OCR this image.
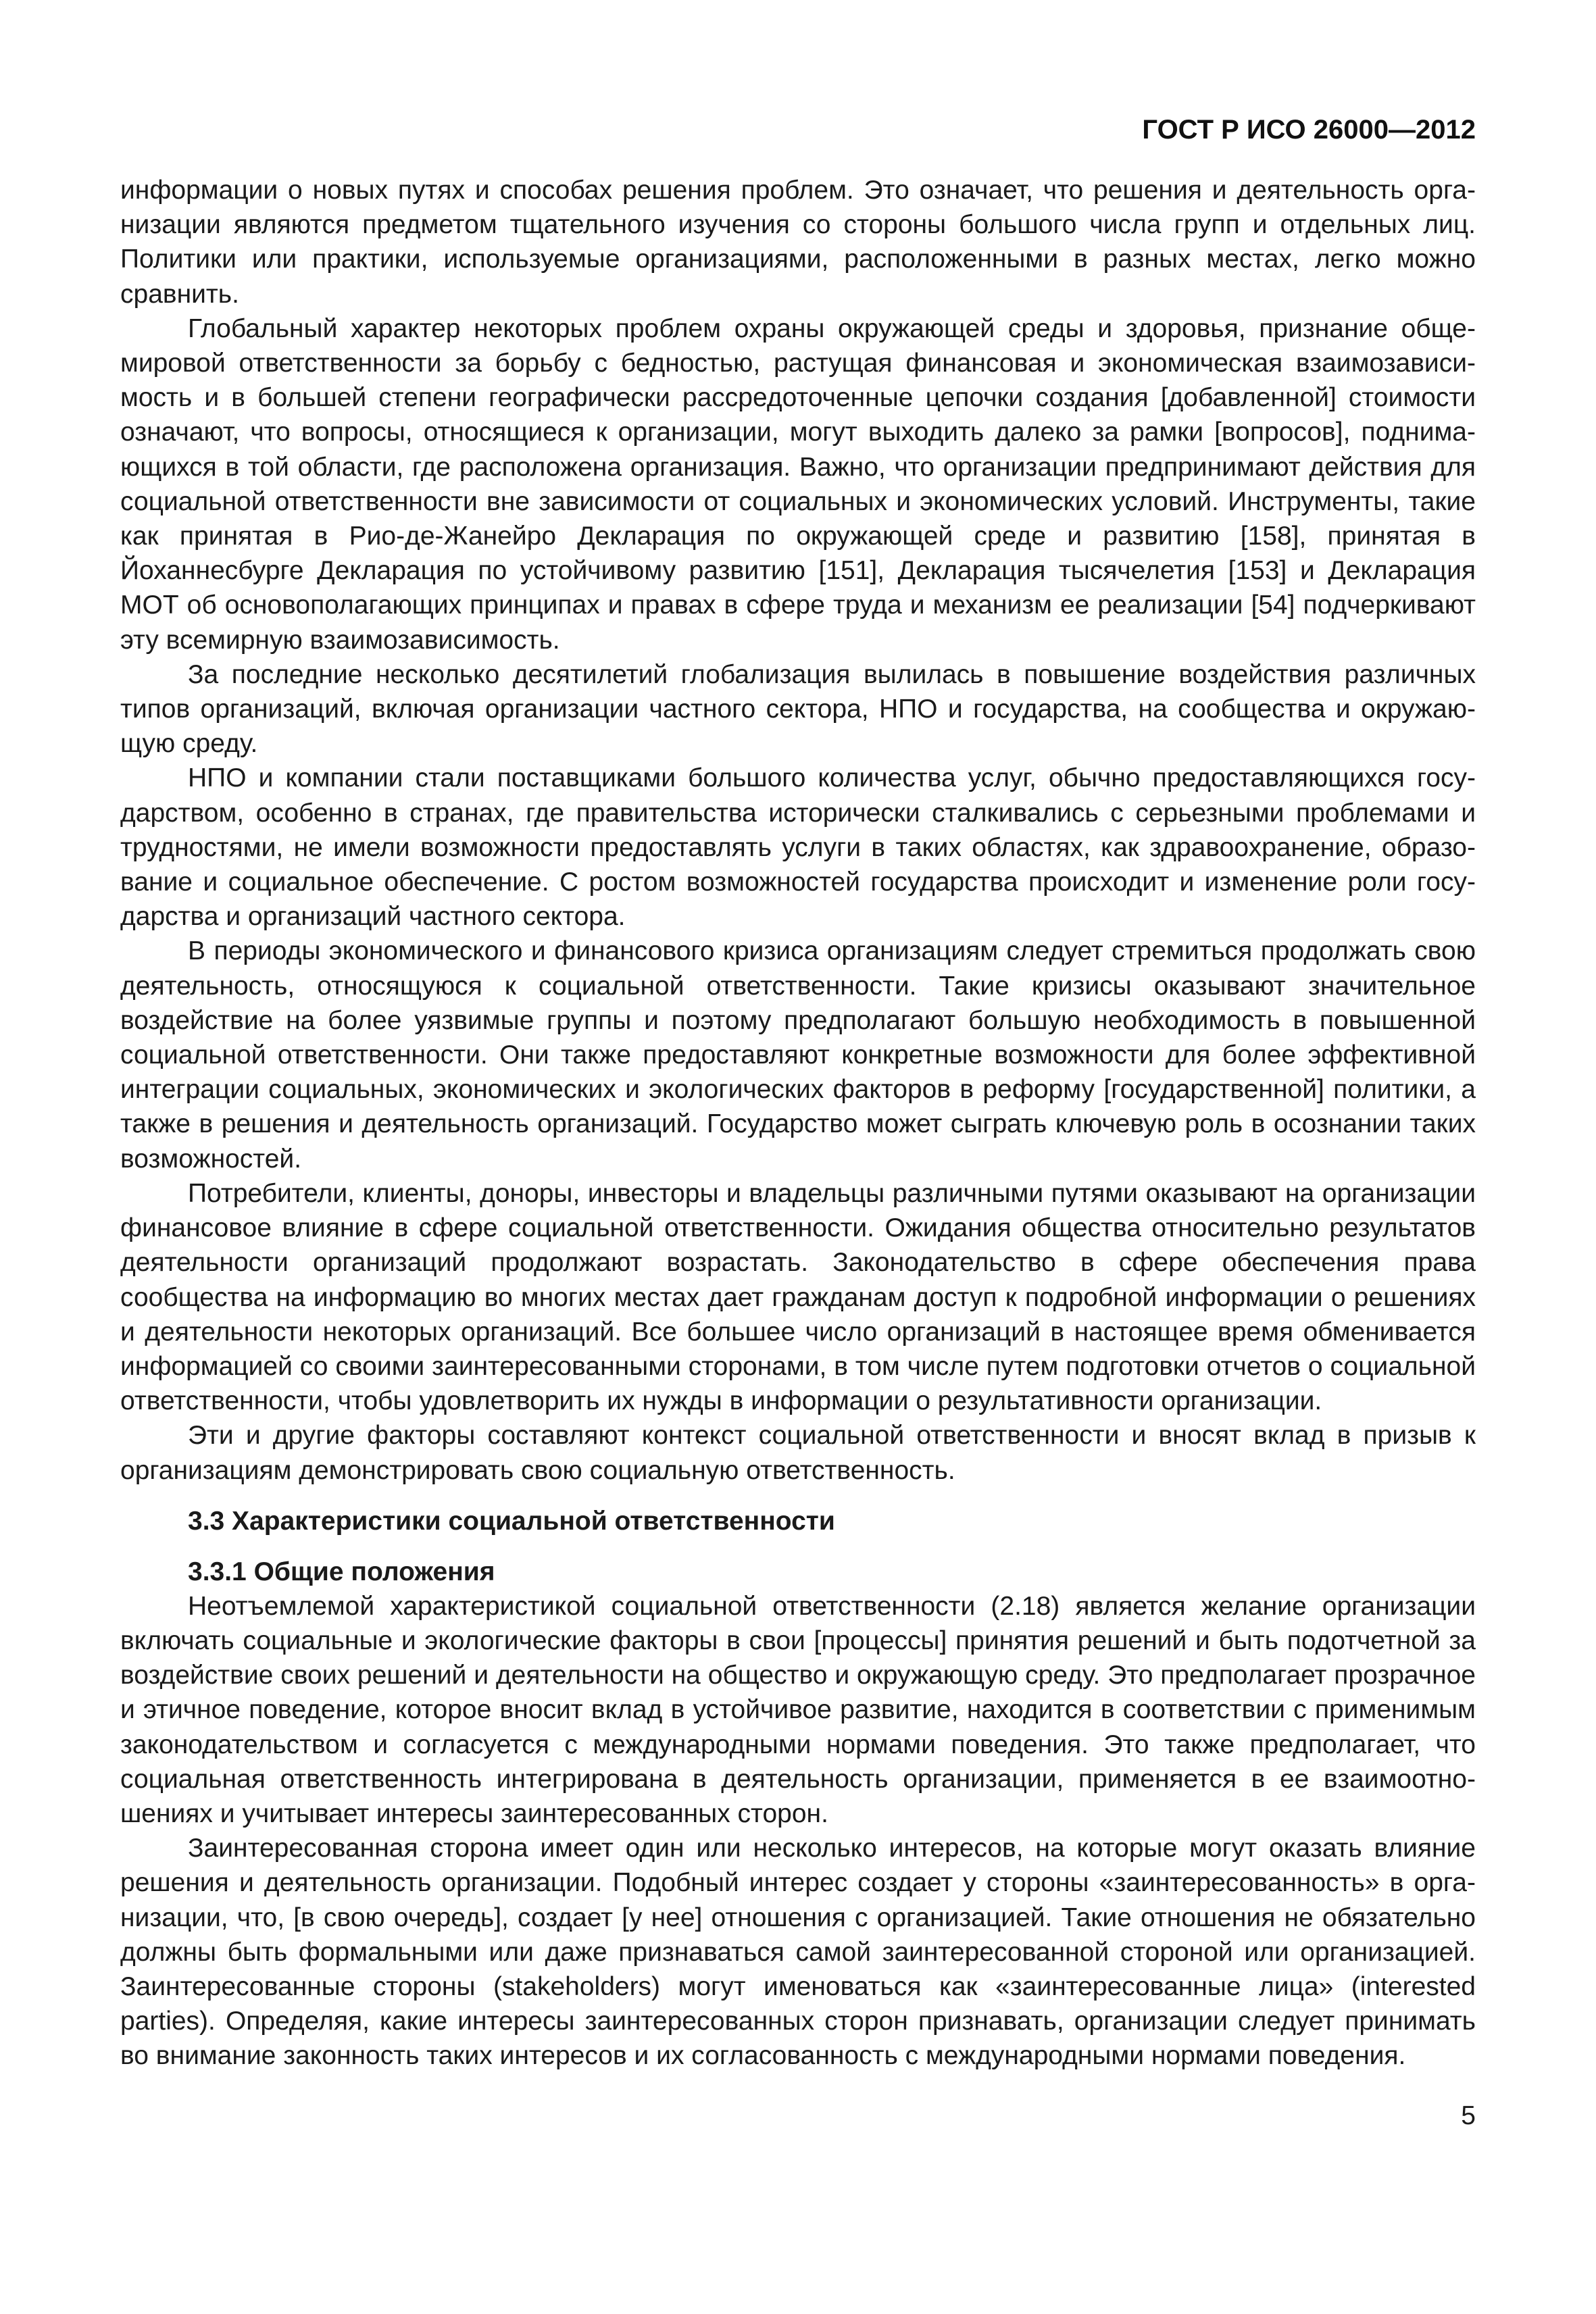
ГОСТ Р ИСО 26000—2012

информации о новых путях и способах решения проблем. Это означает, что решения и деятельность организации являются предметом тщательного изучения со стороны большого числа групп и отдельных лиц. Политики или практики, используемые организациями, расположенными в разных местах, легко можно сравнить.

Глобальный характер некоторых проблем охраны окружающей среды и здоровья, признание общемировой ответственности за борьбу с бедностью, растущая финансовая и экономическая взаимозависимость и в большей степени географически рассредоточенные цепочки создания [добавленной] стоимости означают, что вопросы, относящиеся к организации, могут выходить далеко за рамки [вопросов], поднимающихся в той области, где расположена организация. Важно, что организации предпринимают действия для социальной ответственности вне зависимости от социальных и экономических условий. Инструменты, такие как принятая в Рио-де-Жанейро Декларация по окружающей среде и развитию [158], принятая в Йоханнесбурге Декларация по устойчивому развитию [151], Декларация тысячелетия [153] и Декларация МОТ об основополагающих принципах и правах в сфере труда и механизм ее реализации [54] подчеркивают эту всемирную взаимозависимость.

За последние несколько десятилетий глобализация вылилась в повышение воздействия различных типов организаций, включая организации частного сектора, НПО и государства, на сообщества и окружающую среду.

НПО и компании стали поставщиками большого количества услуг, обычно предоставляющихся государством, особенно в странах, где правительства исторически сталкивались с серьезными проблемами и трудностями, не имели возможности предоставлять услуги в таких областях, как здравоохранение, образование и социальное обеспечение. С ростом возможностей государства происходит и изменение роли государства и организаций частного сектора.

В периоды экономического и финансового кризиса организациям следует стремиться продолжать свою деятельность, относящуюся к социальной ответственности. Такие кризисы оказывают значительное воздействие на более уязвимые группы и поэтому предполагают большую необходимость в повышенной социальной ответственности. Они также предоставляют конкретные возможности для более эффективной интеграции социальных, экономических и экологических факторов в реформу [государственной] политики, а также в решения и деятельность организаций. Государство может сыграть ключевую роль в осознании таких возможностей.

Потребители, клиенты, доноры, инвесторы и владельцы различными путями оказывают на организации финансовое влияние в сфере социальной ответственности. Ожидания общества относительно результатов деятельности организаций продолжают возрастать. Законодательство в сфере обеспечения права сообщества на информацию во многих местах дает гражданам доступ к подробной информации о решениях и деятельности некоторых организаций. Все большее число организаций в настоящее время обменивается информацией со своими заинтересованными сторонами, в том числе путем подготовки отчетов о социальной ответственности, чтобы удовлетворить их нужды в информации о результативности организации.

Эти и другие факторы составляют контекст социальной ответственности и вносят вклад в призыв к организациям демонстрировать свою социальную ответственность.

3.3 Характеристики социальной ответственности
3.3.1 Общие положения

Неотъемлемой характеристикой социальной ответственности (2.18) является желание организации включать социальные и экологические факторы в свои [процессы] принятия решений и быть подотчетной за воздействие своих решений и деятельности на общество и окружающую среду. Это предполагает прозрачное и этичное поведение, которое вносит вклад в устойчивое развитие, находится в соответствии с применимым законодательством и согласуется с международными нормами поведения. Это также предполагает, что социальная ответственность интегрирована в деятельность организации, применяется в ее взаимоотношениях и учитывает интересы заинтересованных сторон.

Заинтересованная сторона имеет один или несколько интересов, на которые могут оказать влияние решения и деятельность организации. Подобный интерес создает у стороны «заинтересованность» в организации, что, [в свою очередь], создает [у нее] отношения с организацией. Такие отношения не обязательно должны быть формальными или даже признаваться самой заинтересованной стороной или организацией. Заинтересованные стороны (stakeholders) могут именоваться как «заинтересованные лица» (interested parties). Определяя, какие интересы заинтересованных сторон признавать, организации следует принимать во внимание законность таких интересов и их согласованность с международными нормами поведения.

5
